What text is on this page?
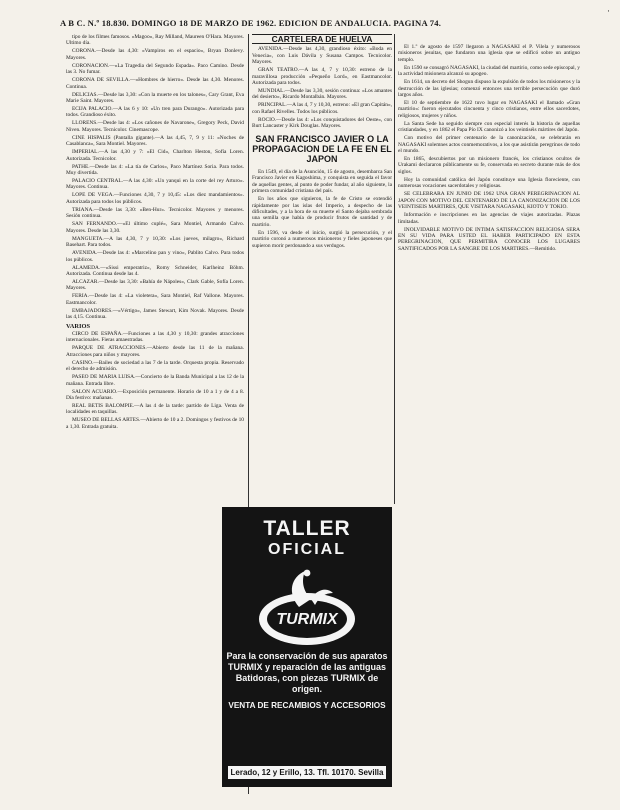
A B C. N.º 18.830. DOMINGO 18 DE MARZO DE 1962. EDICION DE ANDALUCIA. PAGINA 74.
·

tipo de los filmes famosos. «Magoo», Ray Milland, Maureen O'Hara. Mayores. Ultimo día.

CORONA.—Desde las 4,30: «Vampiros en el espacio», Bryan Donlevy. Mayores.

CORONACION.—«La Tragedia del Segundo Espada». Paco Camino. Desde las 3. No fumar.

CORONA DE SEVILLA.—«Hombres de hierro». Desde las 4,30. Menores. Continua.

DELICIAS.—Desde las 3,30: «Con la muerte en los talones», Cary Grant, Eva Marie Saint. Mayores.

ECIJA PALACIO.—A las 6 y 10: «Un tren para Durango». Autorizada para todos. Grandioso éxito.

LLORENS.—Desde las 4: «Los cañones de Navarone», Gregory Peck, David Niven. Mayores. Tecnicolor. Cinemascope.

CINE HISPALIS (Pantalla gigante).—A las 4,45, 7, 9 y 11: «Noches de Casablanca», Sara Montiel. Mayores.

IMPERIAL.—A las 4,30 y 7: «El Cid», Charlton Heston, Sofía Loren. Autorizada. Tecnicolor.

PATHE.—Desde las 4: «La tía de Carlos», Paco Martínez Soria. Para todos. Muy divertida.

PALACIO CENTRAL.—A las 4,30: «Un yanqui en la corte del rey Arturo». Mayores. Continua.

LOPE DE VEGA.—Funciones 4,30, 7 y 10,45: «Los diez mandamientos». Autorizada para todos los públicos.

TRIANA.—Desde las 3,30: «Ben-Hur». Tecnicolor. Mayores y menores. Sesión continua.

SAN FERNANDO.—«El último cuplé», Sara Montiel, Armando Calvo. Mayores. Desde las 3,30.

MANGUETA.—A las 4,30, 7 y 10,30: «Los jueves, milagro», Richard Basehart. Para todos.

AVENIDA.—Desde las 4: «Marcelino pan y vino», Pablito Calvo. Para todos los públicos.

ALAMEDA.—«Sissi emperatriz», Romy Schneider, Karlheinz Böhm. Autorizada. Continua desde las 4.

ALCAZAR.—Desde las 3,30: «Bahía de Nápoles», Clark Gable, Sofía Loren. Mayores.

FERIA.—Desde las 4: «La violetera», Sara Montiel, Raf Vallone. Mayores. Eastmancolor.

EMBAJADORES.—«Vértigo», James Stewart, Kim Novak. Mayores. Desde las 4,15. Continua.

VARIOS

CIRCO DE ESPAÑA.—Funciones a las 4,30 y 10,30: grandes atracciones internacionales. Fieras amaestradas.

PARQUE DE ATRACCIONES.—Abierto desde las 11 de la mañana. Atracciones para niños y mayores.

CASINO.—Bailes de sociedad a las 7 de la tarde. Orquesta propia. Reservado el derecho de admisión.

PASEO DE MARIA LUISA.—Concierto de la Banda Municipal a las 12 de la mañana. Entrada libre.

SALON ACUARIO.—Exposición permanente. Horario de 10 a 1 y de 4 a 8. Día festivo: mañanas.

REAL BETIS BALOMPIE.—A las 4 de la tarde: partido de Liga. Venta de localidades en taquillas.

MUSEO DE BELLAS ARTES.—Abierto de 10 a 2. Domingos y festivos de 10 a 1,30. Entrada gratuita.

CARTELERA DE HUELVA

AVENIDA.—Desde las 4,30, grandioso éxito: «Boda en Venecia», con Luis Dávila y Susana Campos. Tecnicolor. Mayores.

GRAN TEATRO.—A las 4, 7 y 10,30: estreno de la maravillosa producción «Pequeño Lord», en Eastmancolor. Autorizada para todos.

MUNDIAL.—Desde las 3,30, sesión continua: «Los amantes del desierto», Ricardo Montalbán. Mayores.

PRINCIPAL.—A las 4, 7 y 10,30, estreno: «El gran Capitán», con Rafael Rivelles. Todos los públicos.

ROCIO.—Desde las 4: «Los conquistadores del Oeste», con Burt Lancaster y Kirk Douglas. Mayores.

SAN FRANCISCO JAVIER O LA PROPAGACION DE LA FE EN EL JAPON

En 1549, el día de la Asunción, 15 de agosto, desembarca San Francisco Javier en Kagoshima, y conquista en seguida el favor de aquellas gentes, al punto de poder fundar, al año siguiente, la primera comunidad cristiana del país.

En los años que siguieron, la fe de Cristo se extendió rápidamente por las islas del Imperio, a despecho de las dificultades, y a la hora de su muerte el Santo dejaba sembrada una semilla que había de producir frutos de santidad y de martirio.

En 1596, va desde el inicio, surgió la persecución, y el martirio coronó a numerosos misioneros y fieles japoneses que supieron morir perdonando a sus verdugos.

El 1.º de agosto de 1597 llegaron a NAGASAKI el P. Vilela y numerosos misioneros jesuitas, que fundaron una iglesia que se edificó sobre un antiguo templo.

En 1590 se consagró NAGASAKI, la ciudad del martirio, como sede episcopal, y la actividad misionera alcanzó su apogeo.

En 1614, un decreto del Shogun dispuso la expulsión de todos los misioneros y la destrucción de las iglesias; comenzó entonces una terrible persecución que duró largos años.

El 10 de septiembre de 1622 tuvo lugar en NAGASAKI el llamado «Gran martirio»: fueron ejecutados cincuenta y cinco cristianos, entre ellos sacerdotes, religiosos, mujeres y niños.

La Santa Sede ha seguido siempre con especial interés la historia de aquellas cristiandades, y en 1862 el Papa Pío IX canonizó a los veintiséis mártires del Japón.

Con motivo del primer centenario de la canonización, se celebrarán en NAGASAKI solemnes actos conmemorativos, a los que asistirán peregrinos de todo el mundo.

En 1865, descubiertos por un misionero francés, los cristianos ocultos de Urakami declararon públicamente su fe, conservada en secreto durante más de dos siglos.

Hoy la comunidad católica del Japón constituye una Iglesia floreciente, con numerosas vocaciones sacerdotales y religiosas.

SE CELEBRARA EN JUNIO DE 1962 UNA GRAN PEREGRINACION AL JAPON CON MOTIVO DEL CENTENARIO DE LA CANONIZACION DE LOS VEINTISEIS MARTIRES, QUE VISITARA NAGASAKI, KIOTO Y TOKIO.

Información e inscripciones en las agencias de viajes autorizadas. Plazas limitadas.

INOLVIDABLE MOTIVO DE INTIMA SATISFACCION RELIGIOSA SERA EN SU VIDA PARA USTED EL HABER PARTICIPADO EN ESTA PEREGRINACION, QUE PERMITIRA CONOCER LOS LUGARES SANTIFICADOS POR LA SANGRE DE LOS MARTIRES.—Remitido.

TALLER
OFICIAL
TURMIX
Para la conservación de sus aparatos TURMIX y reparación de las antiguas Batidoras, con piezas TURMIX de origen.
VENTA DE RECAMBIOS Y ACCESORIOS
Lerado, 12 y Erillo, 13. Tfl. 10170. Sevilla
